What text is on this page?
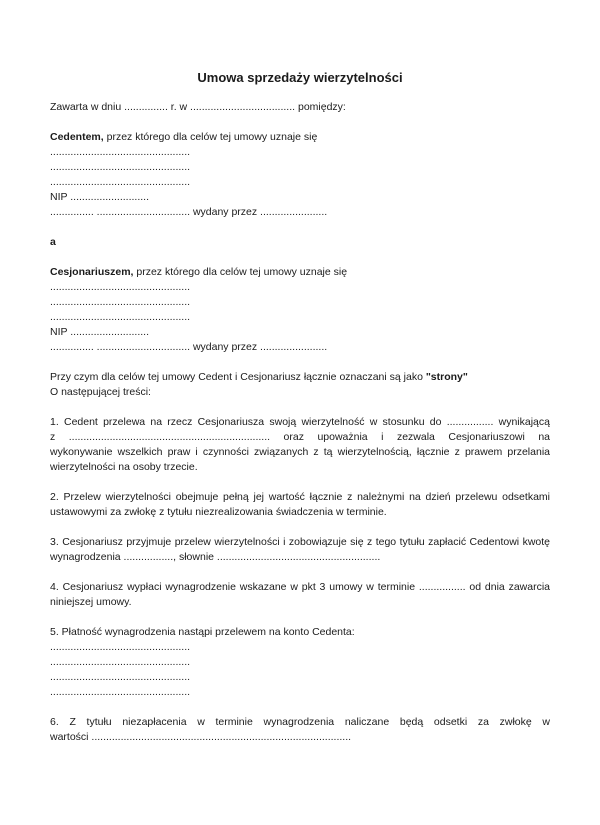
Umowa sprzedaży wierzytelności
Zawarta w dniu ............... r. w .................................... pomiędzy:
Cedentem, przez którego dla celów tej umowy uznaje się
................................................
................................................
................................................
NIP ...........................
............... ................................ wydany przez .......................
a
Cesjonariuszem, przez którego dla celów tej umowy uznaje się
................................................
................................................
................................................
NIP ...........................
............... ................................ wydany przez .......................
Przy czym dla celów tej umowy Cedent i Cesjonariusz łącznie oznaczani są jako "strony"
O następującej treści:
1. Cedent przelewa na rzecz Cesjonariusza swoją wierzytelność w stosunku do ................ wynikającą
z ..................................................................... oraz upoważnia i zezwala Cesjonariuszowi na
wykonywanie wszelkich praw i czynności związanych z tą wierzytelnością, łącznie z prawem przelania
wierzytelności na osoby trzecie.
2. Przelew wierzytelności obejmuje pełną jej wartość łącznie z należnymi na dzień przelewu odsetkami
ustawowymi za zwłokę z tytułu niezrealizowania świadczenia w terminie.
3. Cesjonariusz przyjmuje przelew wierzytelności i zobowiązuje się z tego tytułu zapłacić Cedentowi kwotę
wynagrodzenia ................., słownie ........................................................
4. Cesjonariusz wypłaci wynagrodzenie wskazane w pkt 3 umowy w terminie ................ od dnia zawarcia
niniejszej umowy.
5. Płatność wynagrodzenia nastąpi przelewem na konto Cedenta:
................................................
................................................
................................................
................................................
6. Z tytułu niezapłacenia w terminie wynagrodzenia naliczane będą odsetki za zwłokę w
wartości .........................................................................................
